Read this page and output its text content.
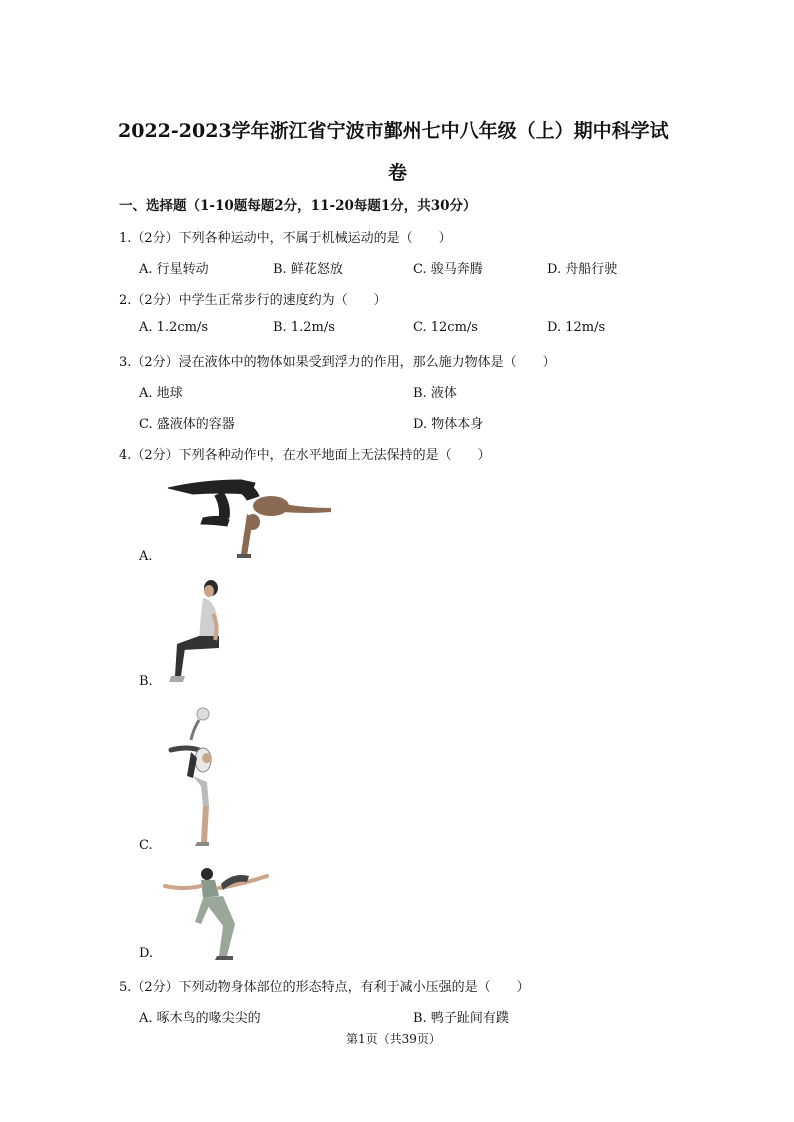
2022-2023学年浙江省宁波市鄞州七中八年级（上）期中科学试
卷
一、选择题（1-10题每题2分，11-20每题1分，共30分）
1.（2分）下列各种运动中，不属于机械运动的是（　　）
A. 行星转动	B. 鲜花怒放	C. 骏马奔腾	D. 舟船行驶
2.（2分）中学生正常步行的速度约为（　　）
A. 1.2cm/s	B. 1.2m/s	C. 12cm/s	D. 12m/s
3.（2分）浸在液体中的物体如果受到浮力的作用，那么施力物体是（　　）
A. 地球	B. 液体
C. 盛液体的容器	D. 物体本身
4.（2分）下列各种动作中，在水平地面上无法保持的是（　　）
A.
B.
C.
D.
5.（2分）下列动物身体部位的形态特点，有利于减小压强的是（　　）
A. 啄木鸟的喙尖尖的	B. 鸭子趾间有蹼
第1页（共39页）
